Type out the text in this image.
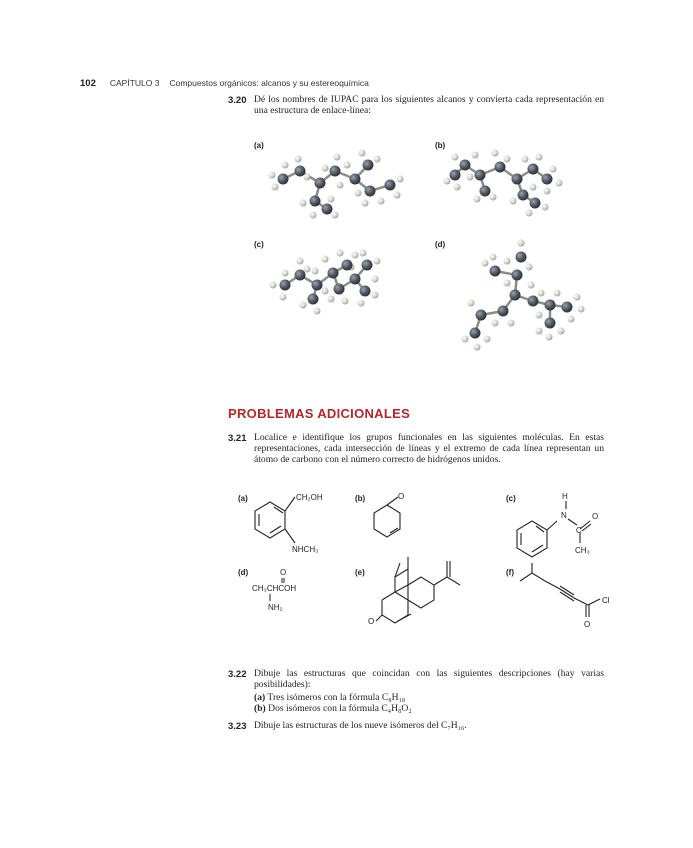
102 CAPÍTULO 3 Compuestos orgánicos: alcanos y su estereoquímica
3.20 Dé los nombres de IUPAC para los siguientes alcanos y convierta cada representación en una estructura de enlace-línea:
(a)	(b)
(c)	(d)
PROBLEMAS ADICIONALES
3.21 Localice e identifique los grupos funcionales en las siguientes moléculas. En estas representaciones, cada intersección de líneas y el extremo de cada línea representan un átomo de carbono con el número correcto de hidrógenos unidos.
(a)	(b)	(c)
(d)	(e)	(f)
CH₂OH
NHCH₃
O	H
N
C
O
CH₃
O
CH₃CHCOH
NH₂
O
Cl
O
3.22 Dibuje las estructuras que coincidan con las siguientes descripciones (hay varias posibilidades):
(a) Tres isómeros con la fórmula C₈H₁₈
(b) Dos isómeros con la fórmula C₄H₈O₂
3.23 Dibuje las estructuras de los nueve isómeros del C₇H₁₆.
